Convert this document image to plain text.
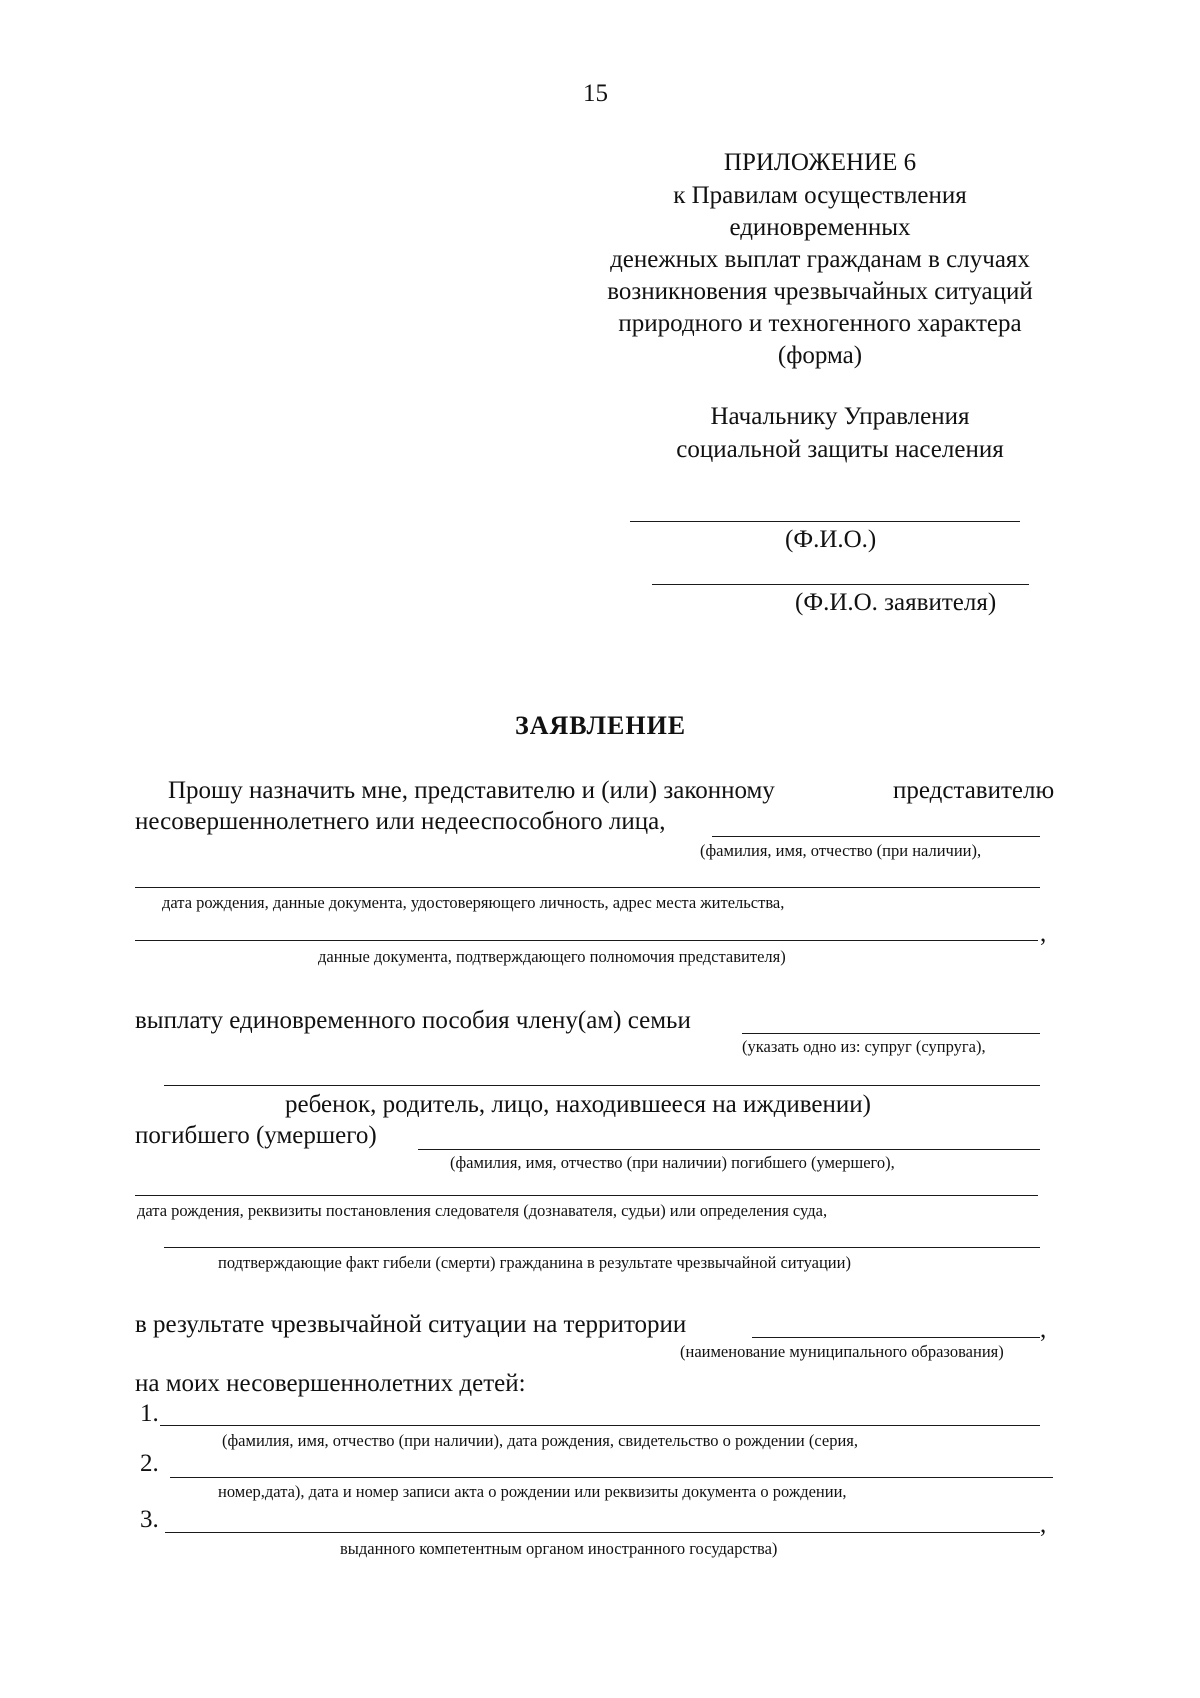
15
ПРИЛОЖЕНИЕ 6
к Правилам осуществления
единовременных
денежных выплат гражданам в случаях
возникновения чрезвычайных ситуаций
природного и техногенного характера
(форма)
Начальнику Управления
социальной защиты населения
(Ф.И.О.)
(Ф.И.О. заявителя)
ЗАЯВЛЕНИЕ
Прошу назначить мне, представителю и (или) законному	представителю
несовершеннолетнего или недееспособного лица,
(фамилия, имя, отчество (при наличии),
дата рождения, данные документа, удостоверяющего личность, адрес места жительства,
,
данные документа, подтверждающего полномочия представителя)
выплату единовременного пособия члену(ам) семьи
(указать одно из: супруг (супруга),
ребенок, родитель, лицо, находившееся на иждивении)
погибшего (умершего)
(фамилия, имя, отчество (при наличии) погибшего (умершего),
дата рождения, реквизиты постановления следователя (дознавателя, судьи) или определения суда,
подтверждающие факт гибели (смерти) гражданина в результате чрезвычайной ситуации)
в результате чрезвычайной ситуации на территории	,
(наименование муниципального образования)
на моих несовершеннолетних детей:
1.
(фамилия, имя, отчество (при наличии), дата рождения, свидетельство о рождении (серия,
2.
номер,дата), дата и номер записи акта о рождении или реквизиты документа о рождении,
3.	,
выданного компетентным органом иностранного государства)
